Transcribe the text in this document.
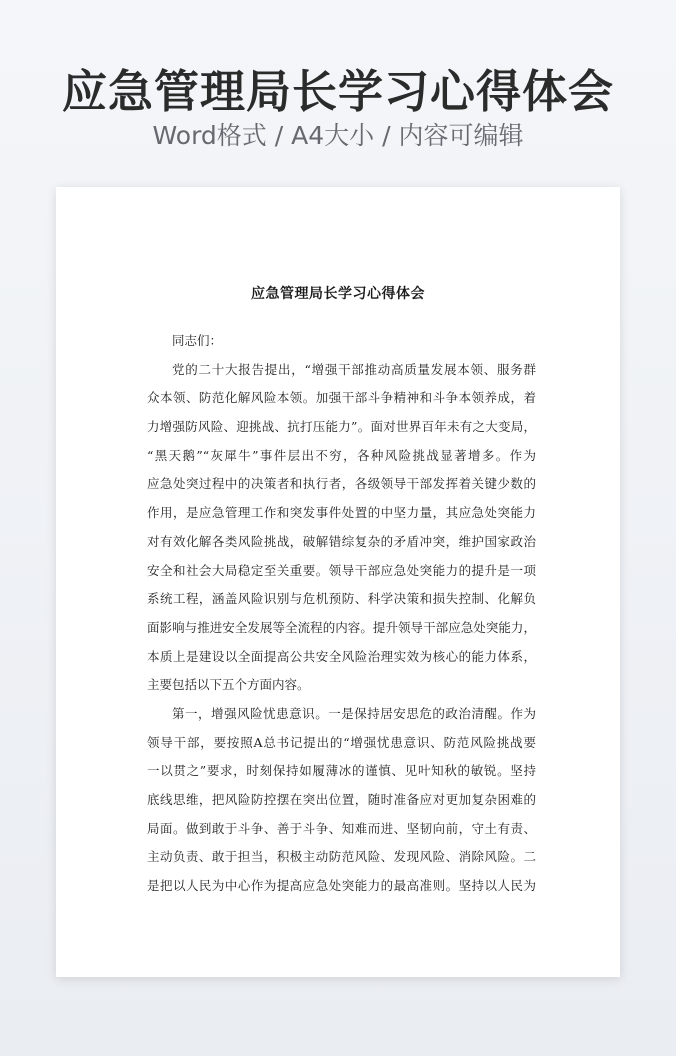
应急管理局长学习心得体会
Word格式 / A4大小 / 内容可编辑
应急管理局长学习心得体会
同志们：
党的二十大报告提出，“增强干部推动高质量发展本领、服务群
众本领、防范化解风险本领。加强干部斗争精神和斗争本领养成，着
力增强防风险、迎挑战、抗打压能力”。面对世界百年未有之大变局，
“黑天鹅”“灰犀牛”事件层出不穷，各种风险挑战显著增多。作为
应急处突过程中的决策者和执行者，各级领导干部发挥着关键少数的
作用，是应急管理工作和突发事件处置的中坚力量，其应急处突能力
对有效化解各类风险挑战，破解错综复杂的矛盾冲突，维护国家政治
安全和社会大局稳定至关重要。领导干部应急处突能力的提升是一项
系统工程，涵盖风险识别与危机预防、科学决策和损失控制、化解负
面影响与推进安全发展等全流程的内容。提升领导干部应急处突能力，
本质上是建设以全面提高公共安全风险治理实效为核心的能力体系，
主要包括以下五个方面内容。
第一，增强风险忧患意识。一是保持居安思危的政治清醒。作为
领导干部，要按照A总书记提出的“增强忧患意识、防范风险挑战要
一以贯之”要求，时刻保持如履薄冰的谨慎、见叶知秋的敏锐。坚持
底线思维，把风险防控摆在突出位置，随时准备应对更加复杂困难的
局面。做到敢于斗争、善于斗争、知难而进、坚韧向前，守土有责、
主动负责、敢于担当，积极主动防范风险、发现风险、消除风险。二
是把以人民为中心作为提高应急处突能力的最高准则。坚持以人民为
